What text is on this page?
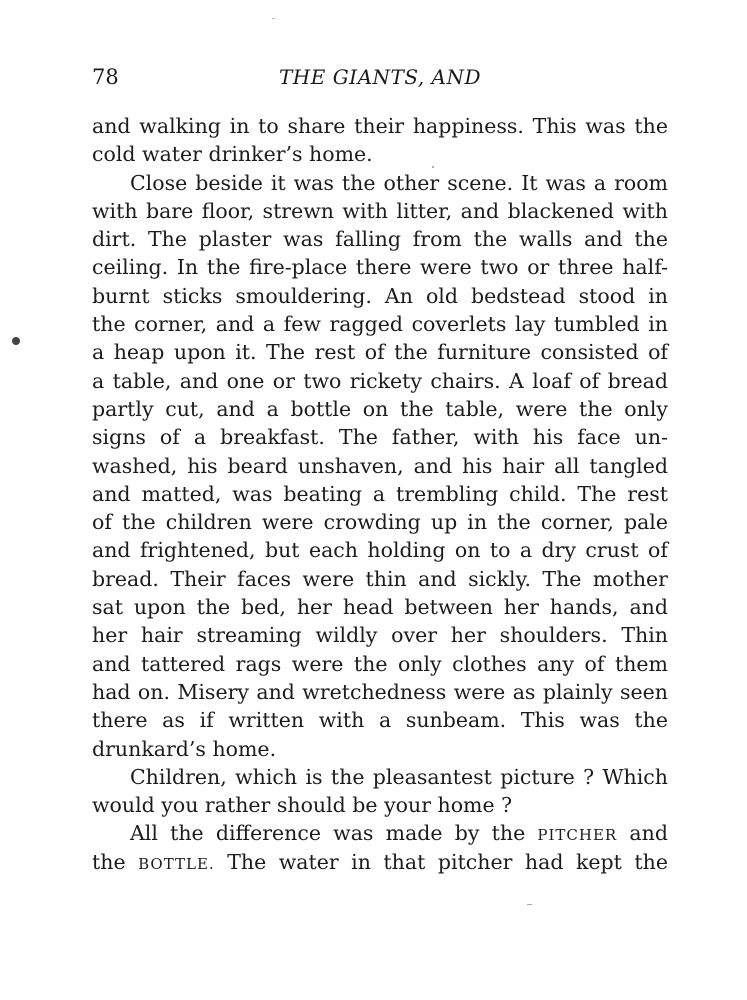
78	THE GIANTS, AND
and walking in to share their happiness. This was the
cold water drinker’s home.
Close beside it was the other scene. It was a room
with bare floor, strewn with litter, and blackened with
dirt. The plaster was falling from the walls and the
ceiling. In the fire-place there were two or three half-
burnt sticks smouldering. An old bedstead stood in
the corner, and a few ragged coverlets lay tumbled in
a heap upon it. The rest of the furniture consisted of
a table, and one or two rickety chairs. A loaf of bread
partly cut, and a bottle on the table, were the only
signs of a breakfast. The father, with his face un-
washed, his beard unshaven, and his hair all tangled
and matted, was beating a trembling child. The rest
of the children were crowding up in the corner, pale
and frightened, but each holding on to a dry crust of
bread. Their faces were thin and sickly. The mother
sat upon the bed, her head between her hands, and
her hair streaming wildly over her shoulders. Thin
and tattered rags were the only clothes any of them
had on. Misery and wretchedness were as plainly seen
there as if written with a sunbeam. This was the
drunkard’s home.
Children, which is the pleasantest picture ? Which
would you rather should be your home ?
All the difference was made by the PITCHER and
the BOTTLE. The water in that pitcher had kept the
